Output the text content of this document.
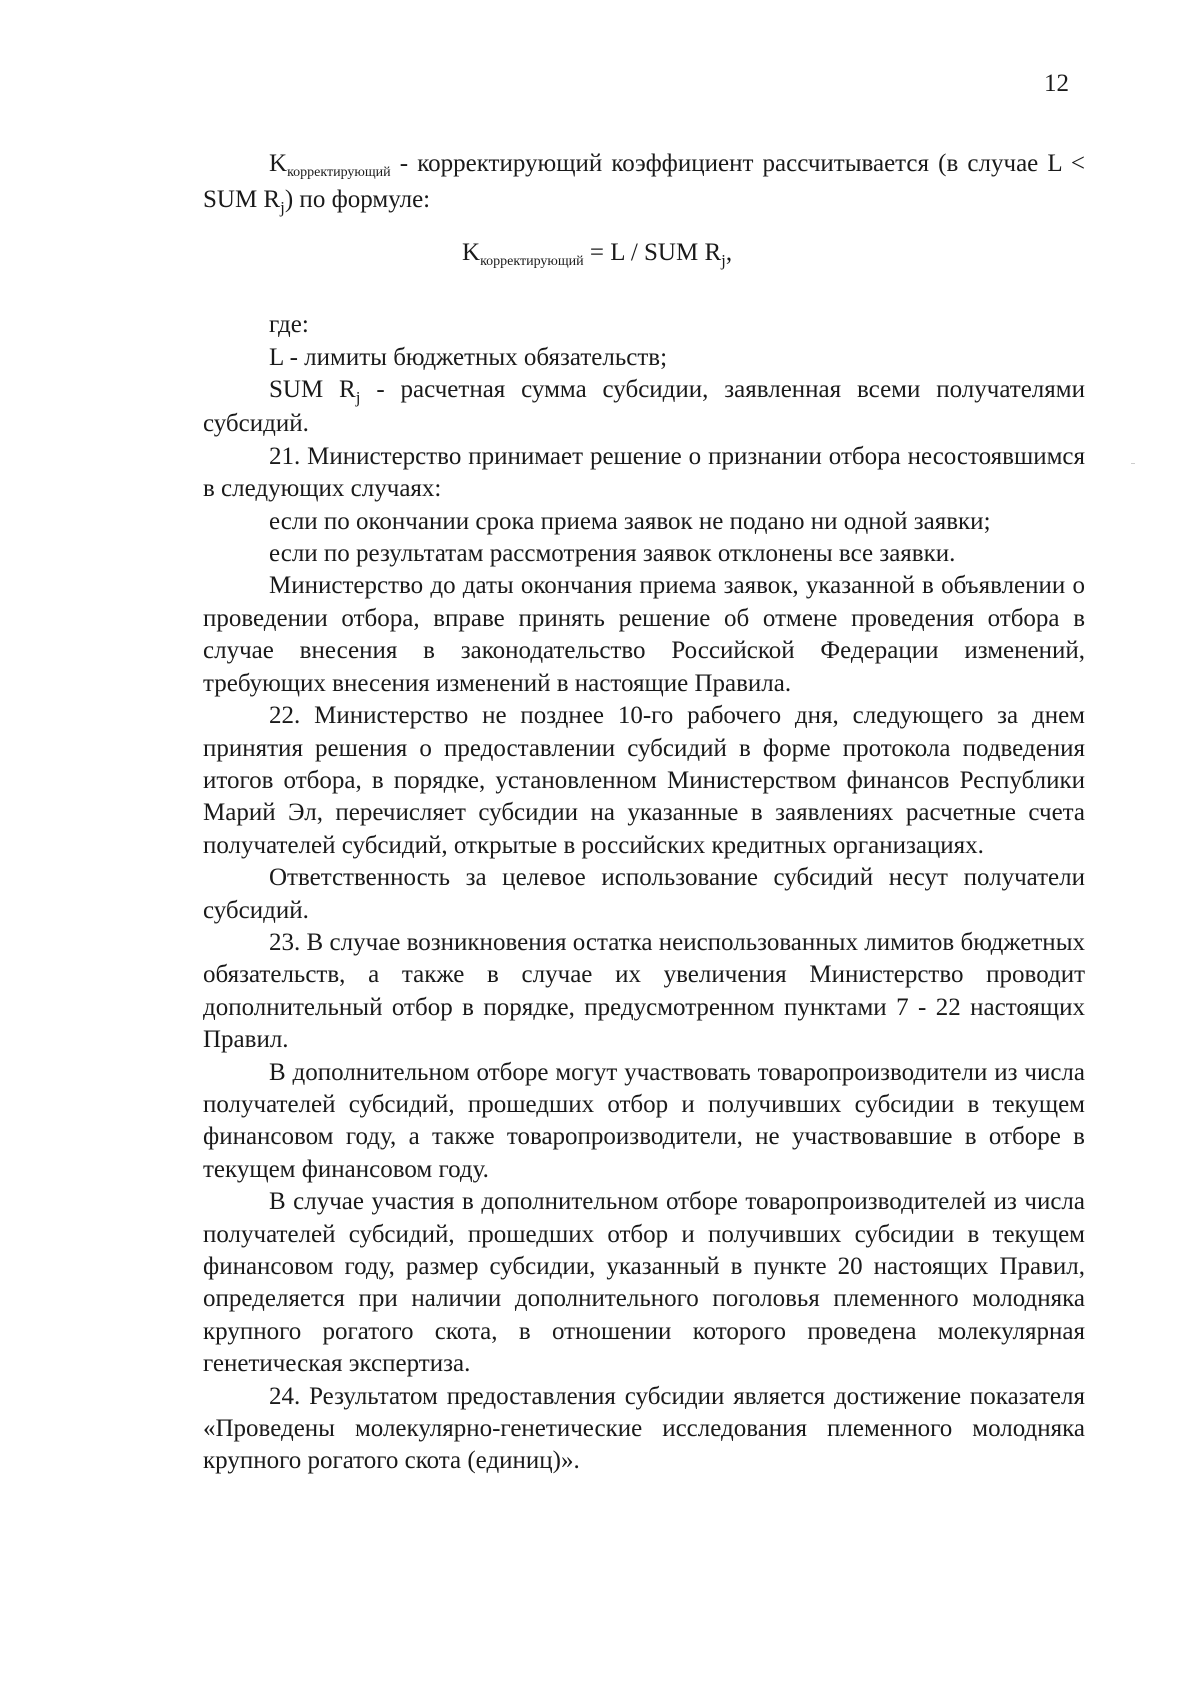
12

$K_{корректирующий}$ - корректирующий коэффициент рассчитывается (в случае L < SUM $R_j$) по формуле:

$K_{корректирующий} = L$ / SUM $R_j$,

где:

L - лимиты бюджетных обязательств;

SUM $R_j$ - расчетная сумма субсидии, заявленная всеми получателями субсидий.

21. Министерство принимает решение о признании отбора несостоявшимся в следующих случаях:

если по окончании срока приема заявок не подано ни одной заявки;

если по результатам рассмотрения заявок отклонены все заявки.

Министерство до даты окончания приема заявок, указанной в объявлении о проведении отбора, вправе принять решение об отмене проведения отбора в случае внесения в законодательство Российской Федерации изменений, требующих внесения изменений в настоящие Правила.

22. Министерство не позднее 10-го рабочего дня, следующего за днем принятия решения о предоставлении субсидий в форме протокола подведения итогов отбора, в порядке, установленном Министерством финансов Республики Марий Эл, перечисляет субсидии на указанные в заявлениях расчетные счета получателей субсидий, открытые в российских кредитных организациях.

Ответственность за целевое использование субсидий несут получатели субсидий.

23. В случае возникновения остатка неиспользованных лимитов бюджетных обязательств, а также в случае их увеличения Министерство проводит дополнительный отбор в порядке, предусмотренном пунктами 7 - 22 настоящих Правил.

В дополнительном отборе могут участвовать товаропроизводители из числа получателей субсидий, прошедших отбор и получивших субсидии в текущем финансовом году, а также товаропроизводители, не участвовавшие в отборе в текущем финансовом году.

В случае участия в дополнительном отборе товаропроизводителей из числа получателей субсидий, прошедших отбор и получивших субсидии в текущем финансовом году, размер субсидии, указанный в пункте 20 настоящих Правил, определяется при наличии дополнительного поголовья племенного молодняка крупного рогатого скота, в отношении которого проведена молекулярная генетическая экспертиза.

24. Результатом предоставления субсидии является достижение показателя «Проведены молекулярно-генетические исследования племенного молодняка крупного рогатого скота (единиц)».
